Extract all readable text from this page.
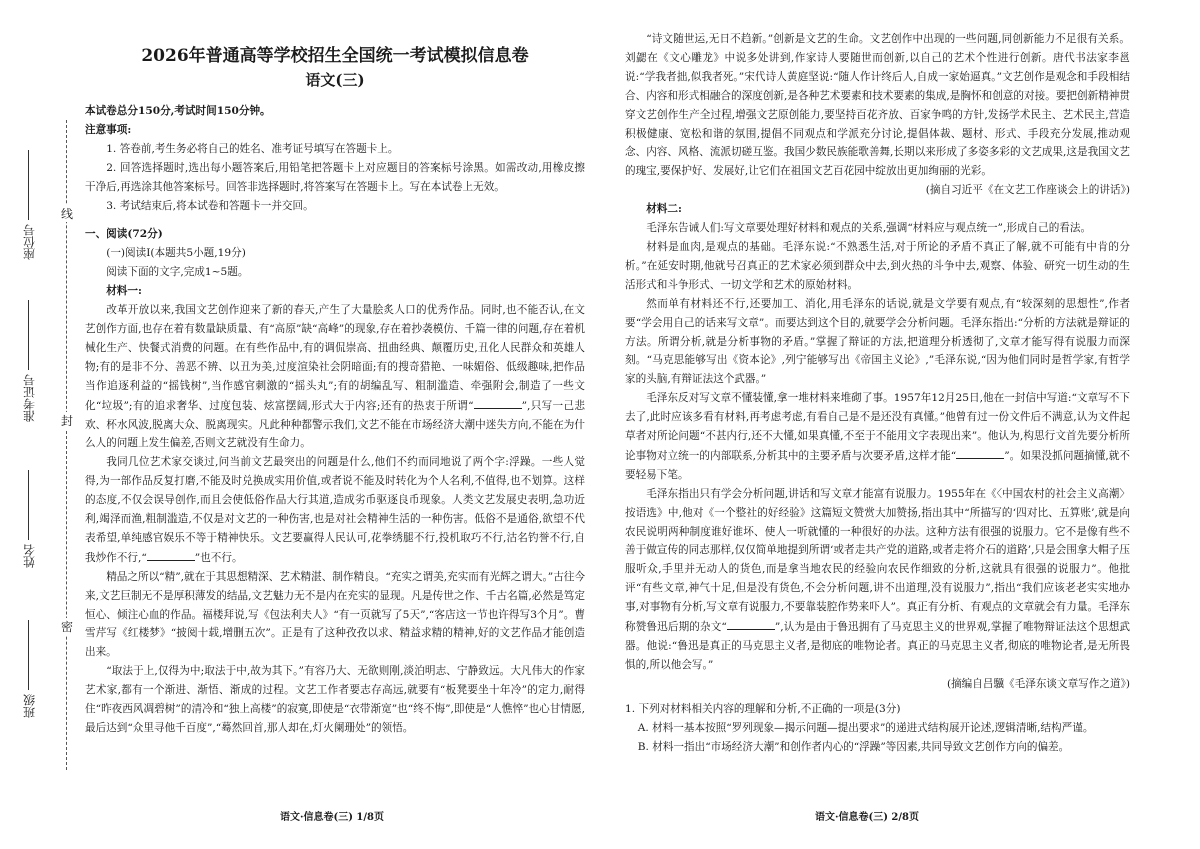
线
封
密
座位号
准考证号
姓名
班级
2026年普通高等学校招生全国统一考试模拟信息卷
语文(三)

本试卷总分150分,考试时间150分钟。

注意事项:

1. 答卷前,考生务必将自己的姓名、准考证号填写在答题卡上。

2. 回答选择题时,选出每小题答案后,用铅笔把答题卡上对应题目的答案标号涂黑。如需改动,用橡皮擦干净后,再选涂其他答案标号。回答非选择题时,将答案写在答题卡上。写在本试卷上无效。

3. 考试结束后,将本试卷和答题卡一并交回。

一、阅读(72分)

(一)阅读Ⅰ(本题共5小题,19分)

阅读下面的文字,完成1~5题。

材料一:

改革开放以来,我国文艺创作迎来了新的春天,产生了大量脍炙人口的优秀作品。同时,也不能否认,在文艺创作方面,也存在着有数量缺质量、有“高原”缺“高峰”的现象,存在着抄袭模仿、千篇一律的问题,存在着机械化生产、快餐式消费的问题。在有些作品中,有的调侃崇高、扭曲经典、颠覆历史,丑化人民群众和英雄人物;有的是非不分、善恶不辨、以丑为美,过度渲染社会阴暗面;有的搜奇猎艳、一味媚俗、低级趣味,把作品当作追逐利益的“摇钱树”,当作感官刺激的“摇头丸”;有的胡编乱写、粗制滥造、牵强附会,制造了一些文化“垃圾”;有的追求奢华、过度包装、炫富摆阔,形式大于内容;还有的热衷于所谓“	”,只写一己悲欢、杯水风波,脱离大众、脱离现实。凡此种种都警示我们,文艺不能在市场经济大潮中迷失方向,不能在为什么人的问题上发生偏差,否则文艺就没有生命力。

我同几位艺术家交谈过,问当前文艺最突出的问题是什么,他们不约而同地说了两个字:浮躁。一些人觉得,为一部作品反复打磨,不能及时兑换成实用价值,或者说不能及时转化为个人名利,不值得,也不划算。这样的态度,不仅会误导创作,而且会使低俗作品大行其道,造成劣币驱逐良币现象。人类文艺发展史表明,急功近利,竭泽而渔,粗制滥造,不仅是对文艺的一种伤害,也是对社会精神生活的一种伤害。低俗不是通俗,欲望不代表希望,单纯感官娱乐不等于精神快乐。文艺要赢得人民认可,花拳绣腿不行,投机取巧不行,沽名钓誉不行,自我炒作不行,“	”也不行。

精品之所以“精”,就在于其思想精深、艺术精湛、制作精良。“充实之谓美,充实而有光辉之谓大。”古往今来,文艺巨制无不是厚积薄发的结晶,文艺魅力无不是内在充实的显现。凡是传世之作、千古名篇,必然是笃定恒心、倾注心血的作品。福楼拜说,写《包法利夫人》“有一页就写了5天”,“客店这一节也许得写3个月”。曹雪芹写《红楼梦》“披阅十载,增删五次”。正是有了这种孜孜以求、精益求精的精神,好的文艺作品才能创造出来。

“取法于上,仅得为中;取法于中,故为其下。”有容乃大、无欲则刚,淡泊明志、宁静致远。大凡伟大的作家艺术家,都有一个渐进、渐悟、渐成的过程。文艺工作者要志存高远,就要有“板凳要坐十年冷”的定力,耐得住“昨夜西风凋碧树”的清冷和“独上高楼”的寂寞,即使是“衣带渐宽”也“终不悔”,即使是“人憔悴”也心甘情愿,最后达到“众里寻他千百度”,“蓦然回首,那人却在,灯火阑珊处”的领悟。

“诗文随世运,无日不趋新。”创新是文艺的生命。文艺创作中出现的一些问题,同创新能力不足很有关系。刘勰在《文心雕龙》中说多处讲到,作家诗人要随世而创新,以自己的艺术个性进行创新。唐代书法家李邕说:“学我者拙,似我者死。”宋代诗人黄庭坚说:“随人作计终后人,自成一家始逼真。”文艺创作是观念和手段相结合、内容和形式相融合的深度创新,是各种艺术要素和技术要素的集成,是胸怀和创意的对接。要把创新精神贯穿文艺创作生产全过程,增强文艺原创能力,要坚持百花齐放、百家争鸣的方针,发扬学术民主、艺术民主,营造积极健康、宽松和谐的氛围,提倡不同观点和学派充分讨论,提倡体裁、题材、形式、手段充分发展,推动观念、内容、风格、流派切磋互鉴。我国少数民族能歌善舞,长期以来形成了多姿多彩的文艺成果,这是我国文艺的瑰宝,要保护好、发展好,让它们在祖国文艺百花园中绽放出更加绚丽的光彩。

(摘自习近平《在文艺工作座谈会上的讲话》)

材料二:

毛泽东告诫人们:写文章要处理好材料和观点的关系,强调“材料应与观点统一”,形成自己的看法。

材料是血肉,是观点的基础。毛泽东说:“不熟悉生活,对于所论的矛盾不真正了解,就不可能有中肯的分析。”在延安时期,他就号召真正的艺术家必须到群众中去,到火热的斗争中去,观察、体验、研究一切生动的生活形式和斗争形式、一切文学和艺术的原始材料。

然而单有材料还不行,还要加工、消化,用毛泽东的话说,就是文学要有观点,有“较深刻的思想性”,作者要“学会用自己的话来写文章”。而要达到这个目的,就要学会分析问题。毛泽东指出:“分析的方法就是辩证的方法。所谓分析,就是分析事物的矛盾。”掌握了辩证的方法,把道理分析透彻了,文章才能写得有说服力而深刻。“马克思能够写出《资本论》,列宁能够写出《帝国主义论》,”毛泽东说,“因为他们同时是哲学家,有哲学家的头脑,有辩证法这个武器。”

毛泽东反对写文章不懂装懂,拿一堆材料来堆砌了事。1957年12月25日,他在一封信中写道:“文章写不下去了,此时应该多看有材料,再考虑考虑,有看自己是不是还没有真懂。”他曾有过一份文件后不满意,认为文件起草者对所论问题“不甚内行,还不大懂,如果真懂,不至于不能用文字表现出来”。他认为,构思行文首先要分析所论事物对立统一的内部联系,分析其中的主要矛盾与次要矛盾,这样才能“	”。如果没抓问题摘懂,就不要轻易下笔。

毛泽东指出只有学会分析问题,讲话和写文章才能富有说服力。1955年在《〈中国农村的社会主义高潮〉按语选》中,他对《一个整社的好经验》这篇短文赞赏大加赞扬,指出其中“所描写的‘四对比、五算账’,就是向农民说明两种制度谁好谁坏、使人一听就懂的一种很好的办法。这种方法有很强的说服力。它不是像有些不善于做宣传的同志那样,仅仅简单地提到所谓‘或者走共产党的道路,或者走将介石的道路’,只是会围拿大帽子压服听众,手里并无动人的货色,而是拿当地农民的经验向农民作细致的分析,这就具有很强的说服力”。他批评“有些文章,神气十足,但是没有货色,不会分析问题,讲不出道理,没有说服力”,指出“我们应该老老实实地办事,对事物有分析,写文章有说服力,不要靠装腔作势来吓人”。真正有分析、有观点的文章就会有力量。毛泽东称赞鲁迅后期的杂文“	”,认为是由于鲁迅拥有了马克思主义的世界观,掌握了唯物辩证法这个思想武器。他说:“鲁迅是真正的马克思主义者,是彻底的唯物论者。真正的马克思主义者,彻底的唯物论者,是无所畏惧的,所以他会写。”

(摘编自吕驥《毛泽东谈文章写作之道》)

1. 下列对材料相关内容的理解和分析,不正确的一项是(3分)

A. 材料一基本按照“罗列现象—揭示问题—提出要求”的递进式结构展开论述,逻辑清晰,结构严谨。

B. 材料一指出“市场经济大潮”和创作者内心的“浮躁”等因素,共同导致文艺创作方向的偏差。

语文·信息卷(三) 1/8页	语文·信息卷(三) 2/8页
